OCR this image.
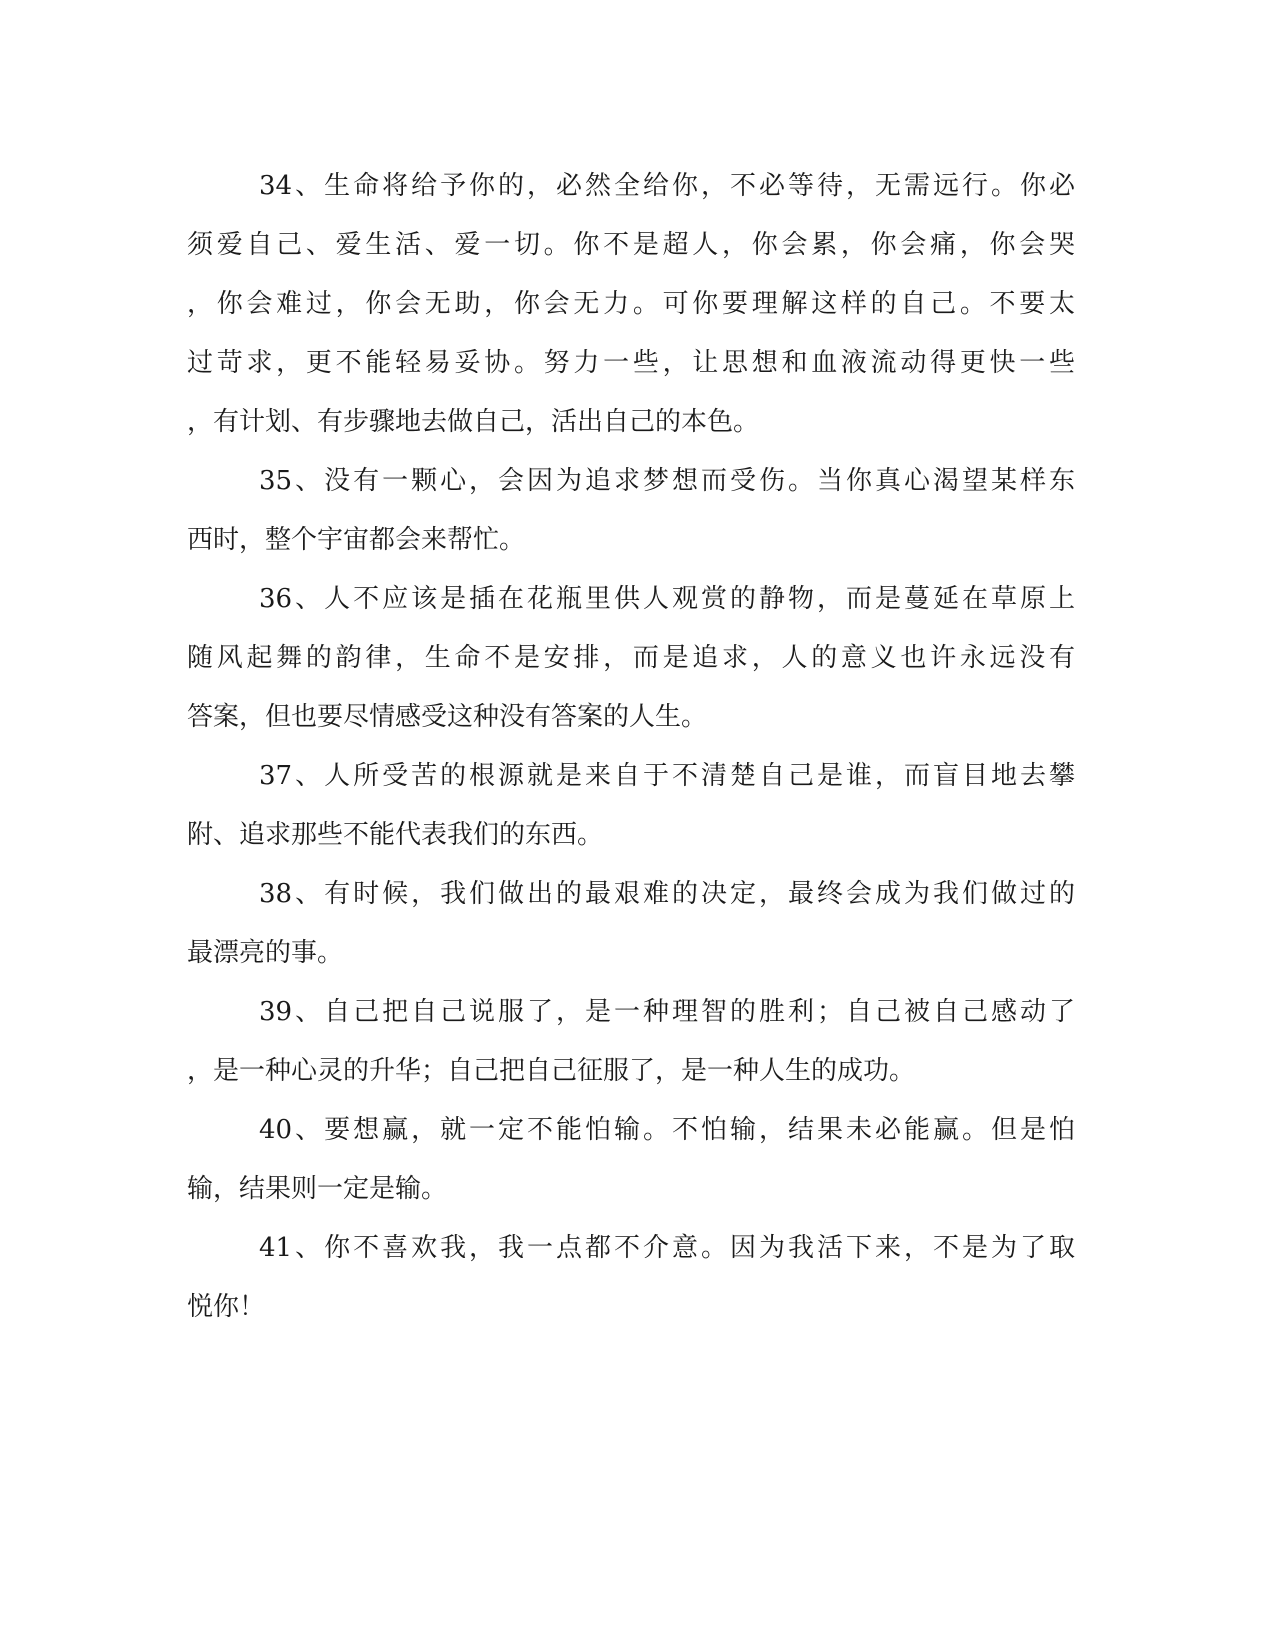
34、生命将给予你的，必然全给你，不必等待，无需远行。你必
须爱自己、爱生活、爱一切。你不是超人，你会累，你会痛，你会哭
，你会难过，你会无助，你会无力。可你要理解这样的自己。不要太
过苛求，更不能轻易妥协。努力一些，让思想和血液流动得更快一些
，有计划、有步骤地去做自己，活出自己的本色。
35、没有一颗心，会因为追求梦想而受伤。当你真心渴望某样东
西时，整个宇宙都会来帮忙。
36、人不应该是插在花瓶里供人观赏的静物，而是蔓延在草原上
随风起舞的韵律，生命不是安排，而是追求，人的意义也许永远没有
答案，但也要尽情感受这种没有答案的人生。
37、人所受苦的根源就是来自于不清楚自己是谁，而盲目地去攀
附、追求那些不能代表我们的东西。
38、有时候，我们做出的最艰难的决定，最终会成为我们做过的
最漂亮的事。
39、自己把自己说服了，是一种理智的胜利；自己被自己感动了
，是一种心灵的升华；自己把自己征服了，是一种人生的成功。
40、要想赢，就一定不能怕输。不怕输，结果未必能赢。但是怕
输，结果则一定是输。
41、你不喜欢我，我一点都不介意。因为我活下来，不是为了取
悦你！
